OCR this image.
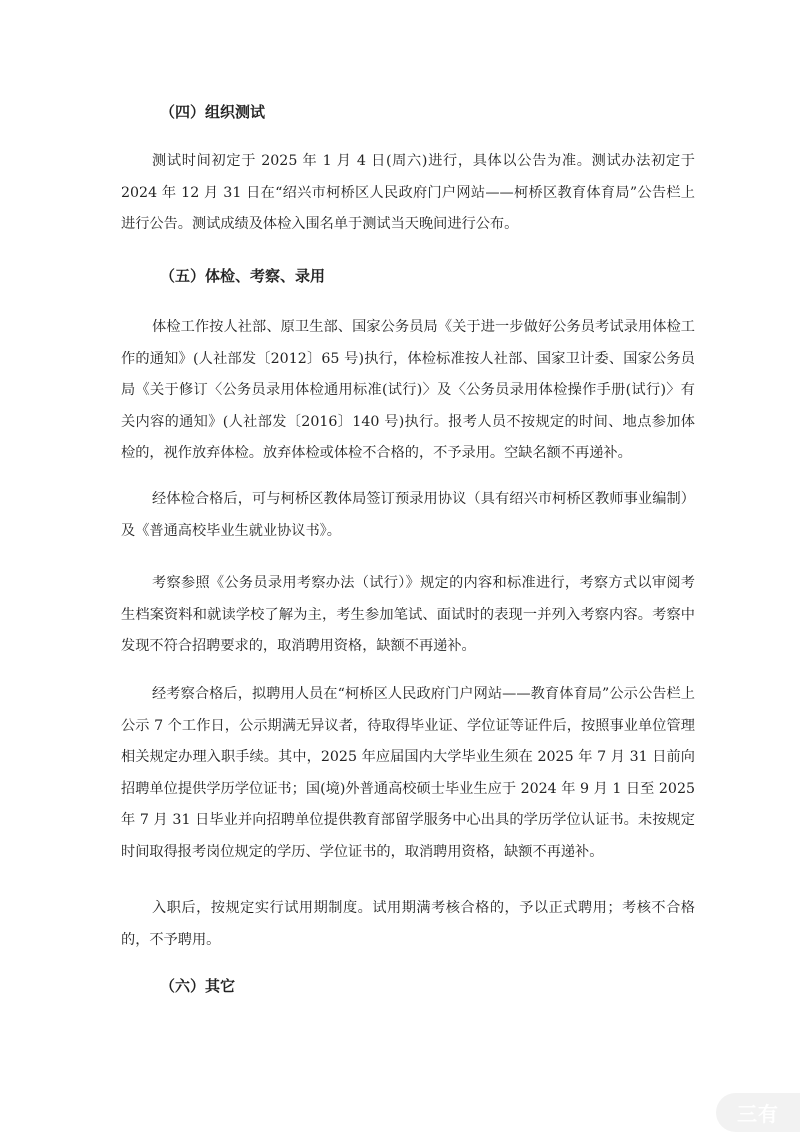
（四）组织测试

测试时间初定于 2025 年 1 月 4 日(周六)进行，具体以公告为准。测试办法初定于 2024 年 12 月 31 日在“绍兴市柯桥区人民政府门户网站——柯桥区教育体育局”公告栏上进行公告。测试成绩及体检入围名单于测试当天晚间进行公布。

（五）体检、考察、录用

体检工作按人社部、原卫生部、国家公务员局《关于进一步做好公务员考试录用体检工作的通知》(人社部发〔2012〕65 号)执行，体检标准按人社部、国家卫计委、国家公务员局《关于修订〈公务员录用体检通用标准(试行)〉及〈公务员录用体检操作手册(试行)〉有关内容的通知》(人社部发〔2016〕140 号)执行。报考人员不按规定的时间、地点参加体检的，视作放弃体检。放弃体检或体检不合格的，不予录用。空缺名额不再递补。

经体检合格后，可与柯桥区教体局签订预录用协议（具有绍兴市柯桥区教师事业编制）及《普通高校毕业生就业协议书》。

考察参照《公务员录用考察办法（试行）》规定的内容和标准进行，考察方式以审阅考生档案资料和就读学校了解为主，考生参加笔试、面试时的表现一并列入考察内容。考察中发现不符合招聘要求的，取消聘用资格，缺额不再递补。

经考察合格后，拟聘用人员在“柯桥区人民政府门户网站——教育体育局”公示公告栏上公示 7 个工作日，公示期满无异议者，待取得毕业证、学位证等证件后，按照事业单位管理相关规定办理入职手续。其中，2025 年应届国内大学毕业生须在 2025 年 7 月 31 日前向招聘单位提供学历学位证书；国(境)外普通高校硕士毕业生应于 2024 年 9 月 1 日至 2025 年 7 月 31 日毕业并向招聘单位提供教育部留学服务中心出具的学历学位认证书。未按规定时间取得报考岗位规定的学历、学位证书的，取消聘用资格，缺额不再递补。

入职后，按规定实行试用期制度。试用期满考核合格的，予以正式聘用；考核不合格的，不予聘用。

（六）其它
三有
